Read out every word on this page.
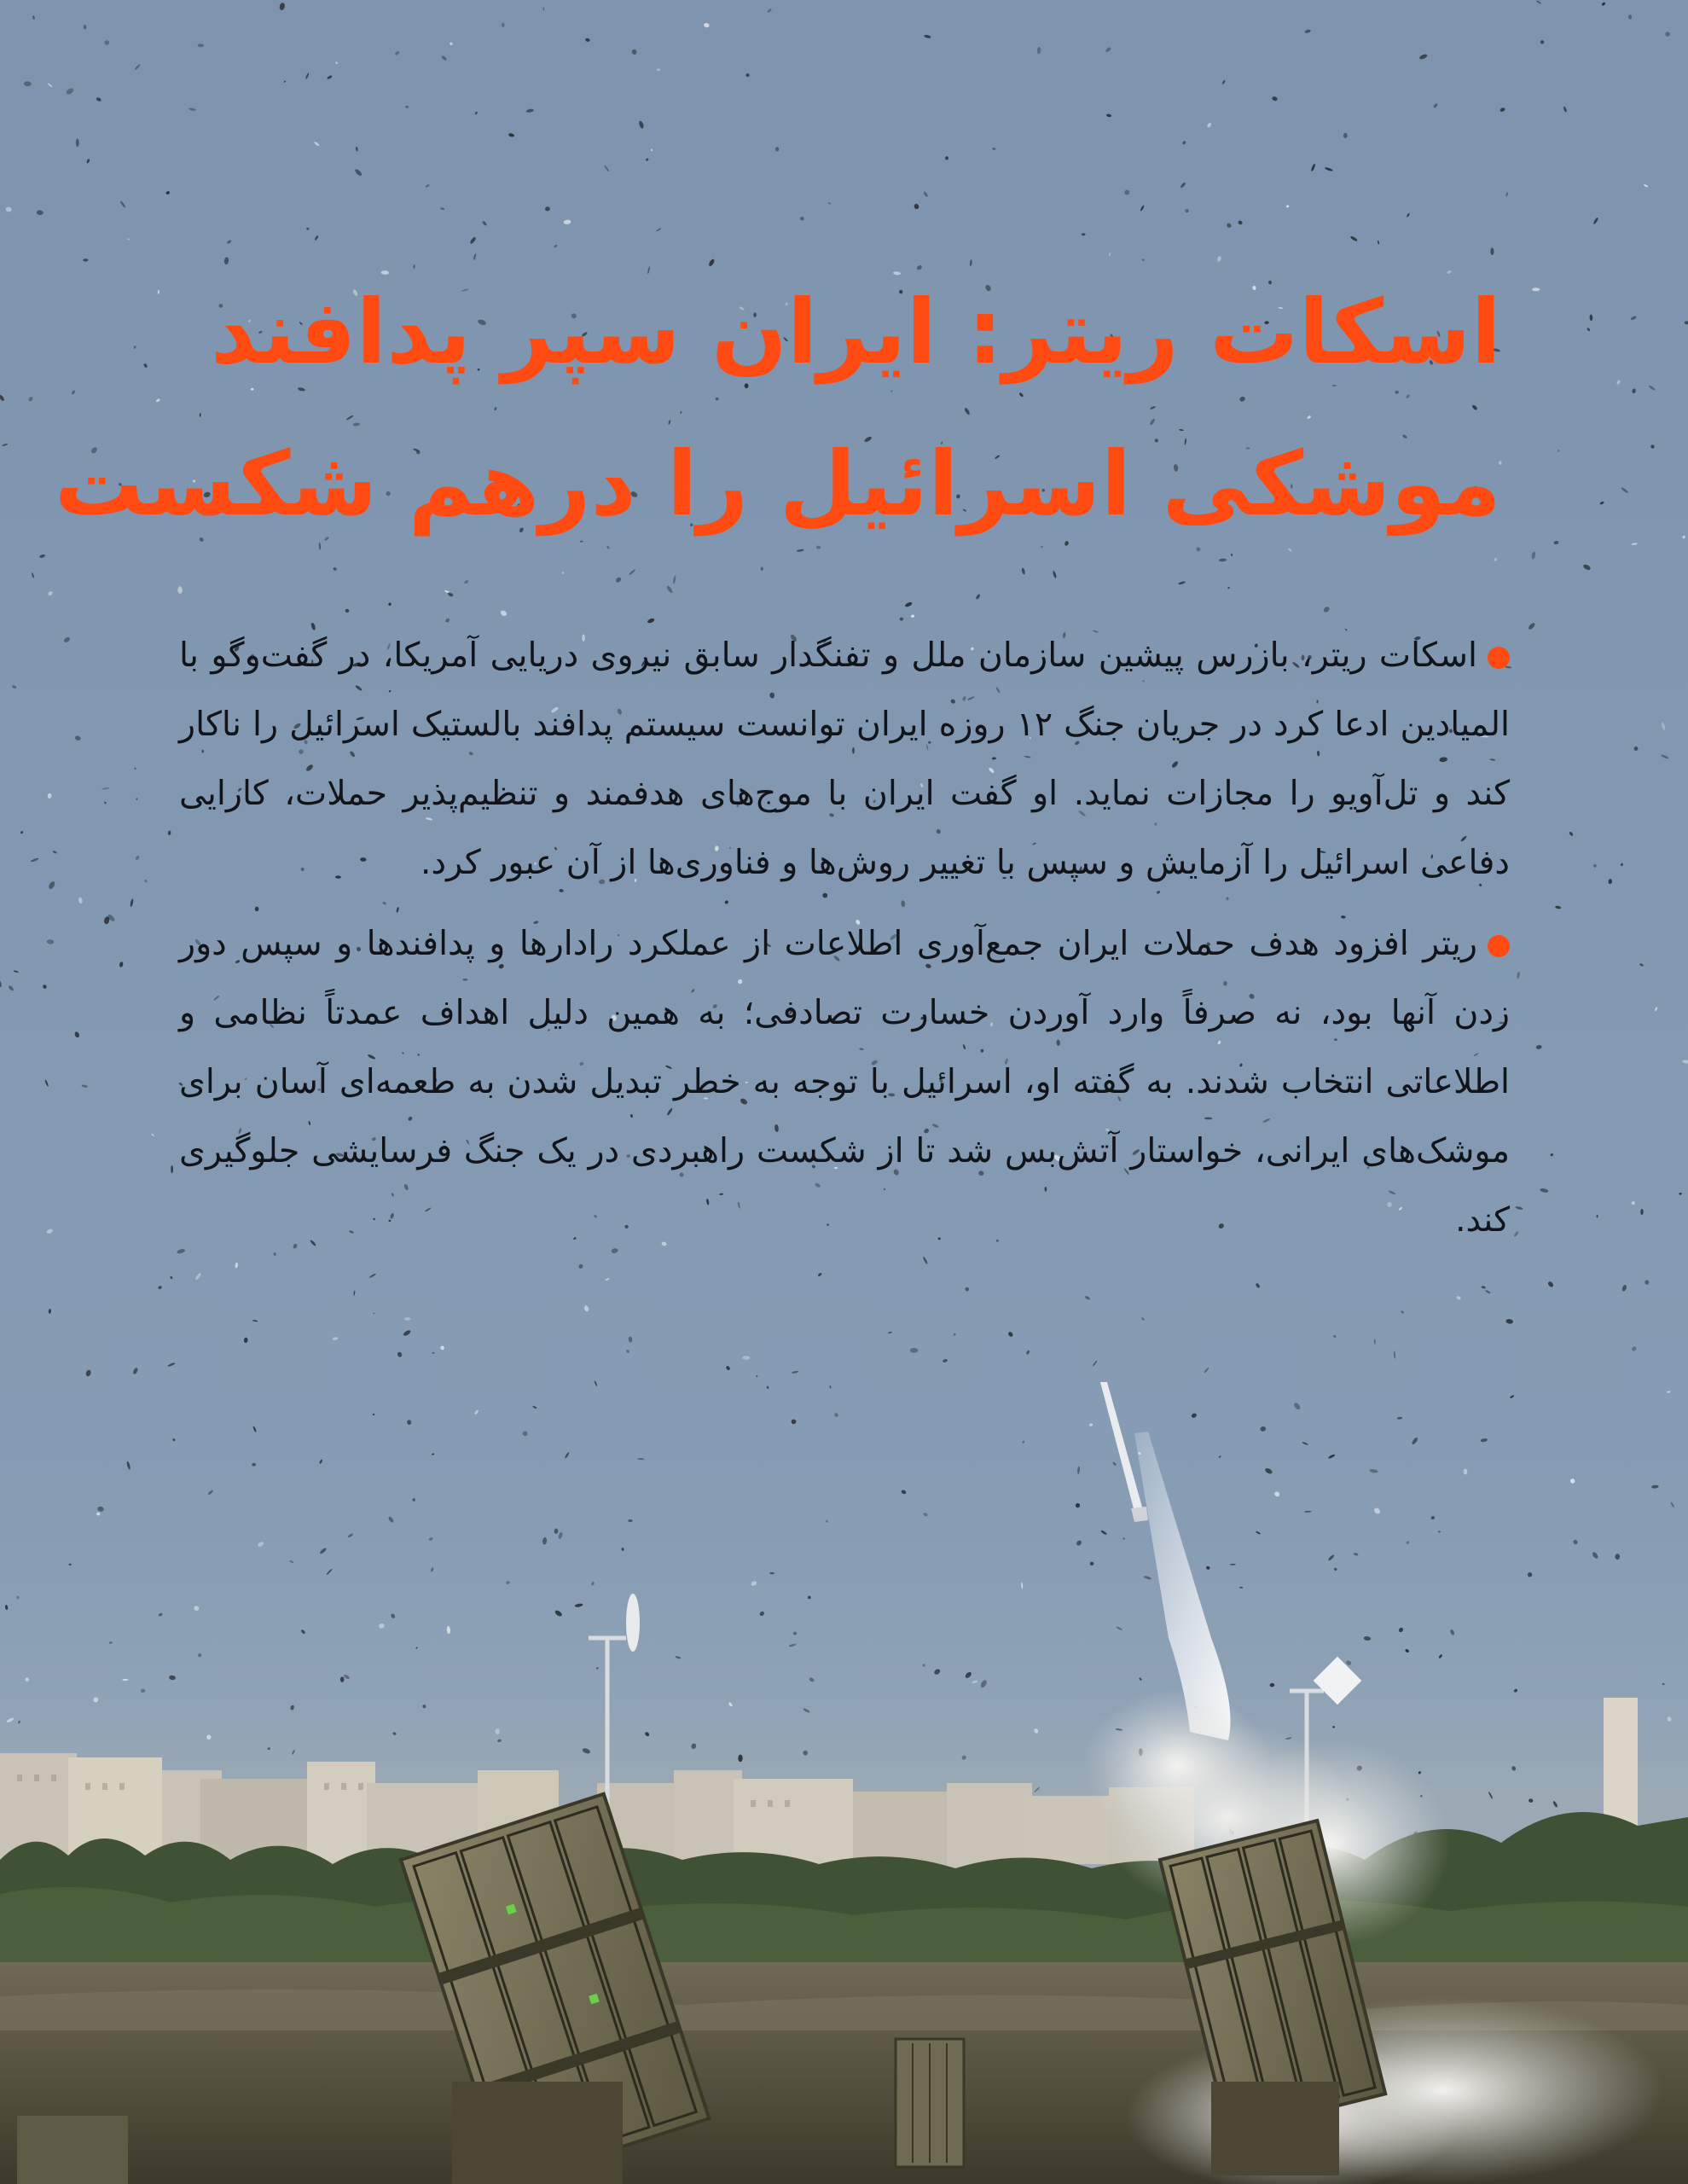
اسکات ریتر: ایران سپر پدافند
موشکی اسرائیل را درهم شکست

اسکات ریتر، بازرس پیشین سازمان ملل و تفنگدار سابق نیروی دریایی آمریکا، در گفت‌وگو با المیادین ادعا کرد در جریان جنگ ۱۲ روزه ایران توانست سیستم پدافند بالستیک اسرائیل را ناکار کند و تل‌آویو را مجازات نماید. او گفت ایران با موج‌های هدفمند و تنظیم‌پذیر حملات، کارایی دفاعی اسرائیل را آزمایش و سپس با تغییر روش‌ها و فناوری‌ها از آن عبور کرد.

ریتر افزود هدف حملات ایران جمع‌آوری اطلاعات از عملکرد رادارها و پدافندها و سپس دور زدن آنها بود، نه صرفاً وارد آوردن خسارت تصادفی؛ به همین دلیل اهداف عمدتاً نظامی و اطلاعاتی انتخاب شدند. به گفته او، اسرائیل با توجه به خطر تبدیل شدن به طعمه‌ای آسان برای موشک‌های ایرانی، خواستار آتش‌بس شد تا از شکست راهبردی در یک جنگ فرسایشی جلوگیری کند.
